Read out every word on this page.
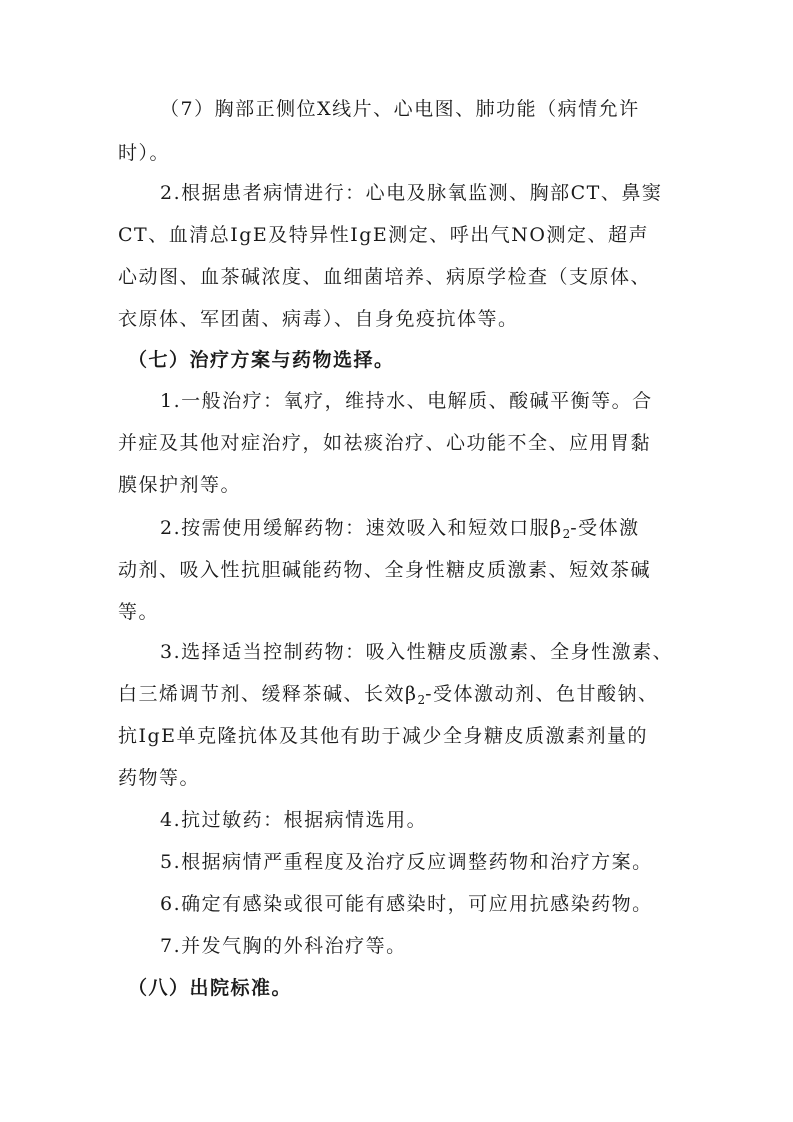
（7）胸部正侧位X线片、心电图、肺功能（病情允许
时）。
2.根据患者病情进行：心电及脉氧监测、胸部CT、鼻窦
CT、血清总IgE及特异性IgE测定、呼出气NO测定、超声
心动图、血茶碱浓度、血细菌培养、病原学检查（支原体、
衣原体、军团菌、病毒）、自身免疫抗体等。
（七）治疗方案与药物选择。
1.一般治疗：氧疗，维持水、电解质、酸碱平衡等。合
并症及其他对症治疗，如祛痰治疗、心功能不全、应用胃黏
膜保护剂等。
2.按需使用缓解药物：速效吸入和短效口服$\beta_2-$受体激
动剂、吸入性抗胆碱能药物、全身性糖皮质激素、短效茶碱
等。
3.选择适当控制药物：吸入性糖皮质激素、全身性激素、
白三烯调节剂、缓释茶碱、长效$\beta_2-$受体激动剂、色甘酸钠、
抗IgE单克隆抗体及其他有助于减少全身糖皮质激素剂量的
药物等。
4.抗过敏药：根据病情选用。
5.根据病情严重程度及治疗反应调整药物和治疗方案。
6.确定有感染或很可能有感染时，可应用抗感染药物。
7.并发气胸的外科治疗等。
（八）出院标准。
